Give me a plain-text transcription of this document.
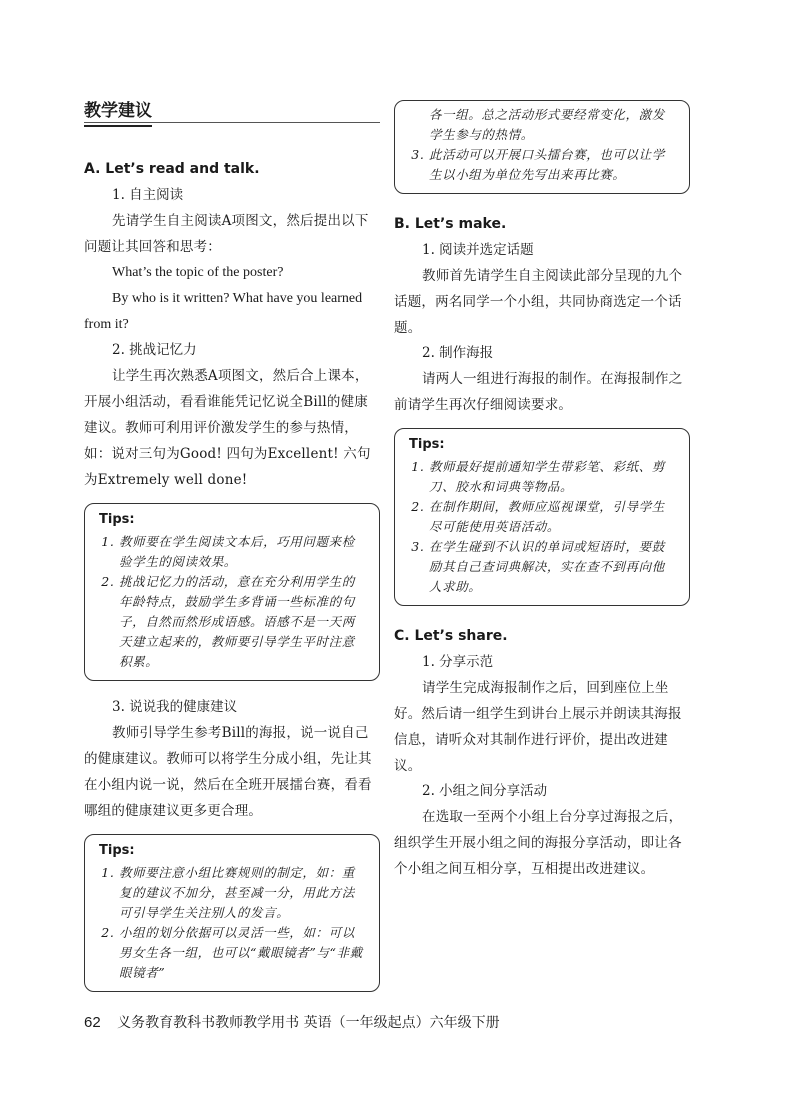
教学建议
A. Let’s read and talk.

1. 自主阅读

先请学生自主阅读A项图文，然后提出以下问题让其回答和思考：

What’s the topic of the poster?

By who is it written? What have you learned from it?

2. 挑战记忆力

让学生再次熟悉A项图文，然后合上课本，开展小组活动，看看谁能凭记忆说全Bill的健康建议。教师可利用评价激发学生的参与热情，如：说对三句为Good! 四句为Excellent! 六句为Extremely well done!

Tips:
1. 教师要在学生阅读文本后，巧用问题来检验学生的阅读效果。
2. 挑战记忆力的活动，意在充分利用学生的年龄特点，鼓励学生多背诵一些标准的句子，自然而然形成语感。语感不是一天两天建立起来的，教师要引导学生平时注意积累。

3. 说说我的健康建议

教师引导学生参考Bill的海报，说一说自己的健康建议。教师可以将学生分成小组，先让其在小组内说一说，然后在全班开展擂台赛，看看哪组的健康建议更多更合理。

Tips:
1. 教师要注意小组比赛规则的制定，如：重复的建议不加分，甚至减一分，用此方法可引导学生关注别人的发言。
2. 小组的划分依据可以灵活一些，如：可以男女生各一组，也可以“戴眼镜者”与“非戴眼镜者”
各一组。总之活动形式要经常变化，激发学生参与的热情。
3. 此活动可以开展口头擂台赛，也可以让学生以小组为单位先写出来再比赛。
B. Let’s make.

1. 阅读并选定话题

教师首先请学生自主阅读此部分呈现的九个话题，两名同学一个小组，共同协商选定一个话题。

2. 制作海报

请两人一组进行海报的制作。在海报制作之前请学生再次仔细阅读要求。

Tips:
1. 教师最好提前通知学生带彩笔、彩纸、剪刀、胶水和词典等物品。
2. 在制作期间，教师应巡视课堂，引导学生尽可能使用英语活动。
3. 在学生碰到不认识的单词或短语时，要鼓励其自己查词典解决，实在查不到再向他人求助。
C. Let’s share.

1. 分享示范

请学生完成海报制作之后，回到座位上坐好。然后请一组学生到讲台上展示并朗读其海报信息，请听众对其制作进行评价，提出改进建议。

2. 小组之间分享活动

在选取一至两个小组上台分享过海报之后，组织学生开展小组之间的海报分享活动，即让各个小组之间互相分享，互相提出改进建议。

62 义务教育教科书教师教学用书 英语（一年级起点）六年级下册
